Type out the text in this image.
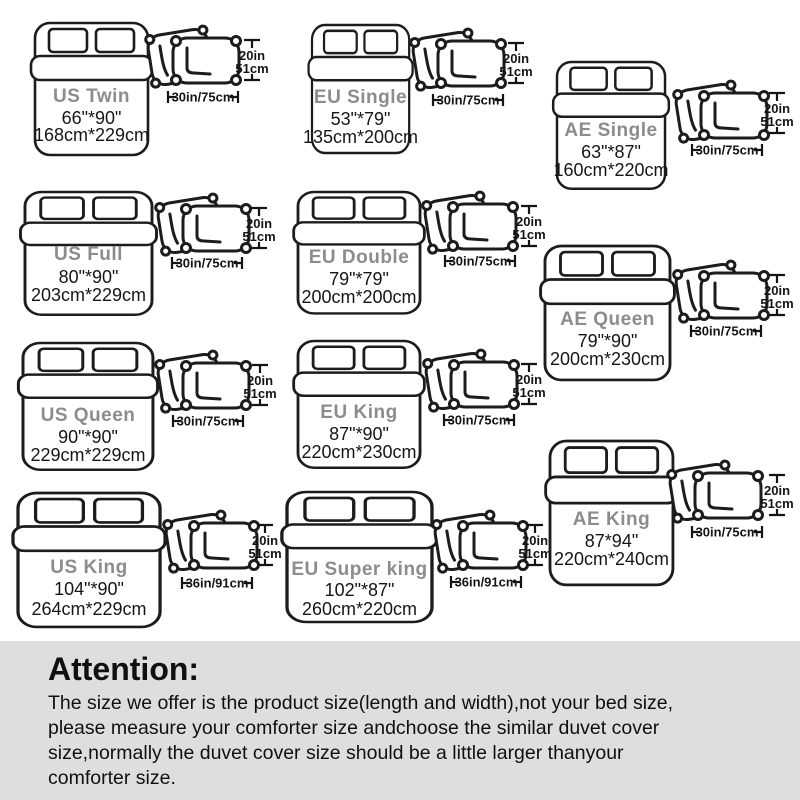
US Twin
66"*90"
168cm*229cm
20in
51cm
30in/75cm	EU Single
53"*79"
135cm*200cm
20in
51cm
30in/75cm
AE Single
63"*87"
160cm*220cm
20in
51cm
30in/75cm
US Full
80"*90"
203cm*229cm
20in
51cm
30in/75cm	EU Double
79"*79"
200cm*200cm
20in
51cm
30in/75cm
AE Queen
79"*90"
200cm*230cm
20in
51cm
30in/75cm
US Queen
90"*90"
229cm*229cm
20in
51cm
30in/75cm	EU King
87"*90"
220cm*230cm
20in
51cm
30in/75cm
AE King
87*94"
220cm*240cm
20in
51cm
30in/75cm
US King
104"*90"
264cm*229cm
20in
51cm
36in/91cm
EU Super king
102"*87"
260cm*220cm
20in
51cm
36in/91cm
Attention:
The size we offer is the product size(length and width),not your bed size,
please measure your comforter size andchoose the similar duvet cover
size,normally the duvet cover size should be a little larger thanyour
comforter size.
